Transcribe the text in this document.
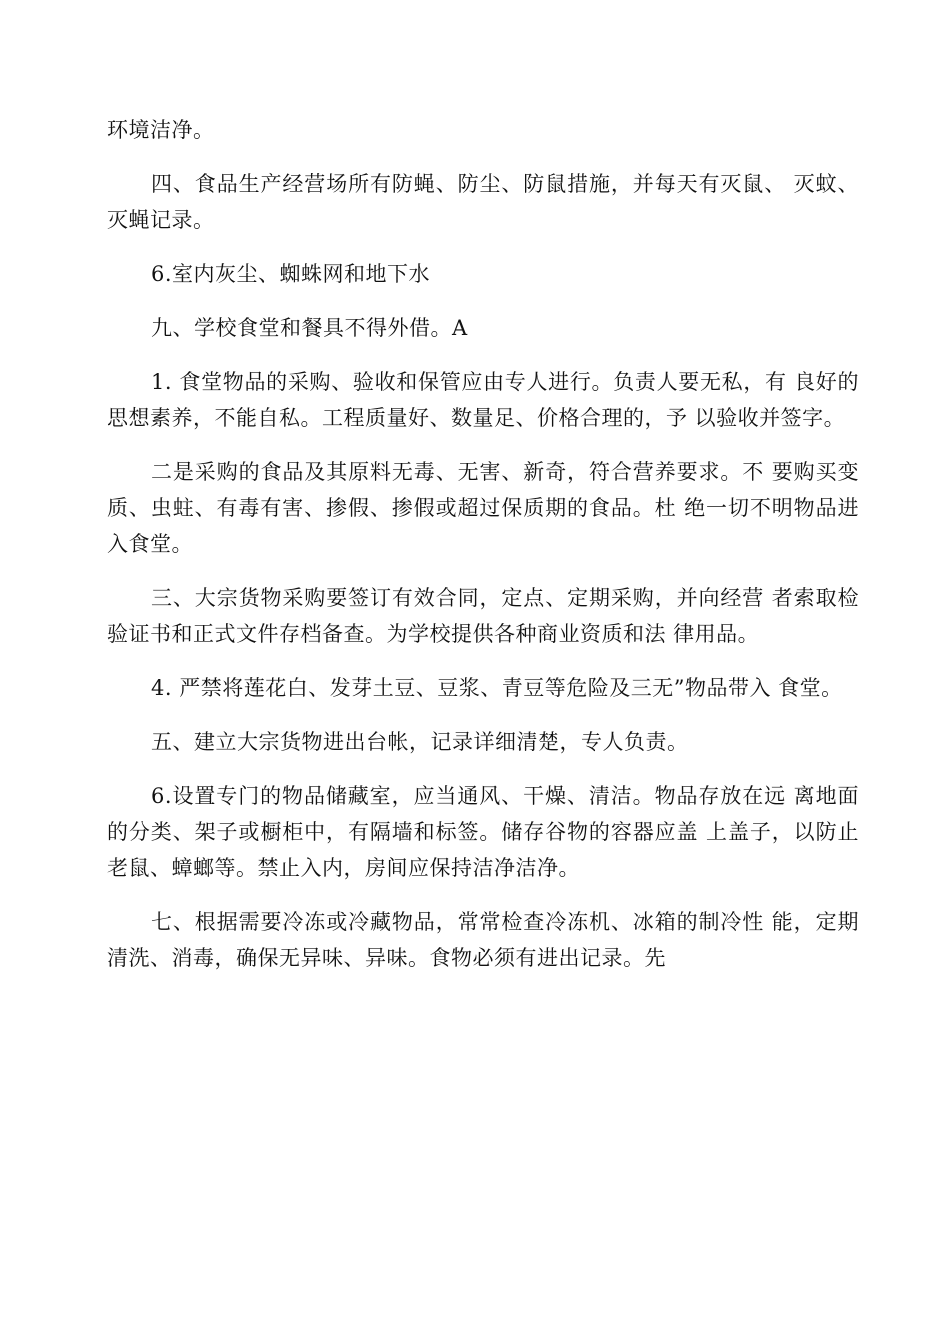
环境洁净。

四、食品生产经营场所有防蝇、防尘、防鼠措施，并每天有灭鼠、 灭蚊、灭蝇记录。

6.室内灰尘、蜘蛛网和地下水

九、学校食堂和餐具不得外借。A

1. 食堂物品的采购、验收和保管应由专人进行。负责人要无私，有 良好的思想素养，不能自私。工程质量好、数量足、价格合理的，予 以验收并签字。

二是采购的食品及其原料无毒、无害、新奇，符合营养要求。不 要购买变质、虫蛀、有毒有害、掺假、掺假或超过保质期的食品。杜 绝一切不明物品进入食堂。

三、大宗货物采购要签订有效合同，定点、定期采购，并向经营 者索取检验证书和正式文件存档备查。为学校提供各种商业资质和法 律用品。

4. 严禁将莲花白、发芽土豆、豆浆、青豆等危险及三无”物品带入 食堂。

五、建立大宗货物进出台帐，记录详细清楚，专人负责。

6.设置专门的物品储藏室，应当通风、干燥、清洁。物品存放在远 离地面的分类、架子或橱柜中，有隔墙和标签。储存谷物的容器应盖 上盖子，以防止老鼠、蟑螂等。禁止入内，房间应保持洁净洁净。

七、根据需要冷冻或冷藏物品，常常检查冷冻机、冰箱的制冷性 能，定期清洗、消毒，确保无异味、异味。食物必须有进出记录。先
